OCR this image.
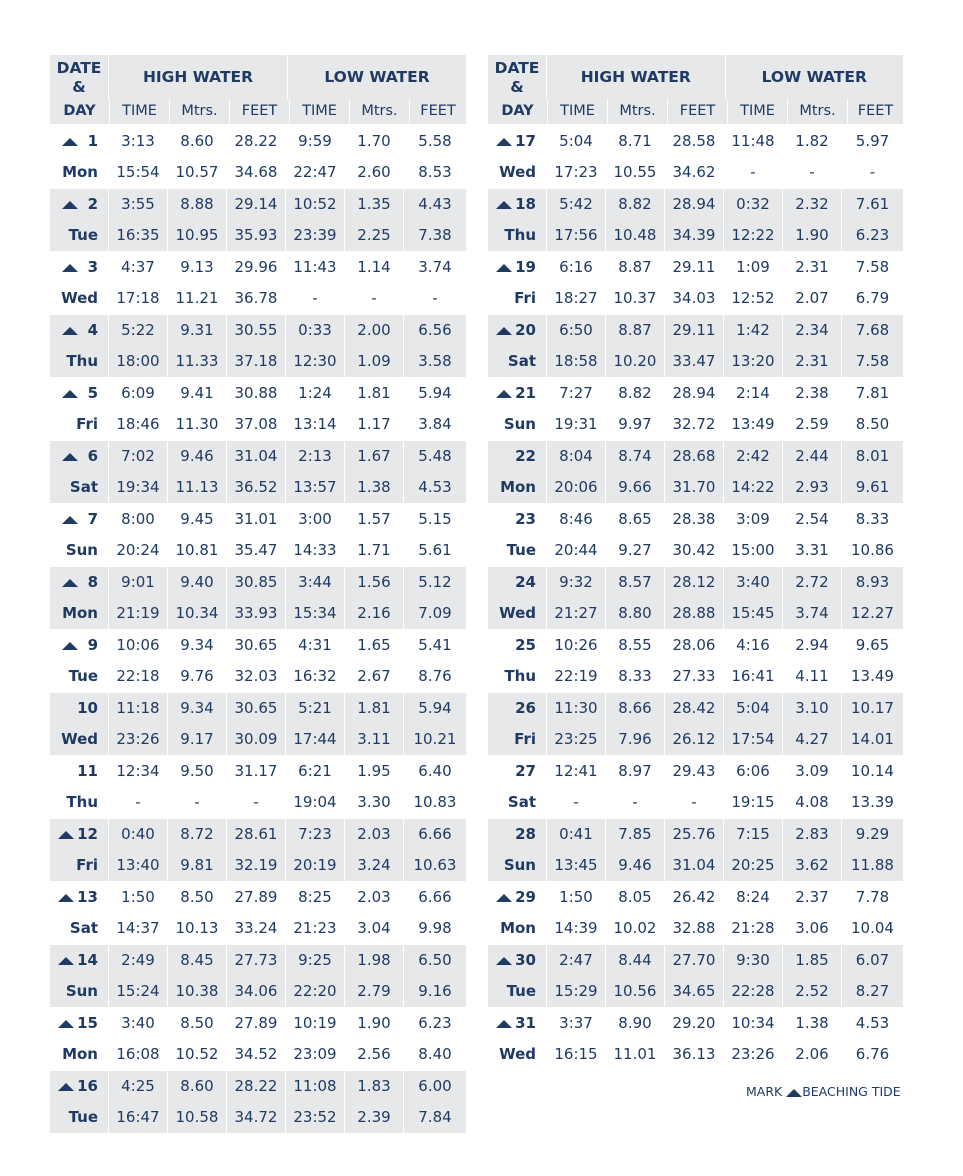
DATE
&
HIGH WATER	LOW WATER
DAY	TIME	Mtrs.	FEET	TIME	Mtrs.	FEET
1	3:13	8.60	28.22	9:59	1.70	5.58
Mon	15:54	10.57	34.68	22:47	2.60	8.53
2	3:55	8.88	29.14	10:52	1.35	4.43
Tue	16:35	10.95	35.93	23:39	2.25	7.38
3	4:37	9.13	29.96	11:43	1.14	3.74
Wed	17:18	11.21	36.78	-	-	-
4	5:22	9.31	30.55	0:33	2.00	6.56
Thu	18:00	11.33	37.18	12:30	1.09	3.58
5	6:09	9.41	30.88	1:24	1.81	5.94
Fri	18:46	11.30	37.08	13:14	1.17	3.84
6	7:02	9.46	31.04	2:13	1.67	5.48
Sat	19:34	11.13	36.52	13:57	1.38	4.53
7	8:00	9.45	31.01	3:00	1.57	5.15
Sun	20:24	10.81	35.47	14:33	1.71	5.61
8	9:01	9.40	30.85	3:44	1.56	5.12
Mon	21:19	10.34	33.93	15:34	2.16	7.09
9	10:06	9.34	30.65	4:31	1.65	5.41
Tue	22:18	9.76	32.03	16:32	2.67	8.76
10	11:18	9.34	30.65	5:21	1.81	5.94
Wed	23:26	9.17	30.09	17:44	3.11	10.21
11	12:34	9.50	31.17	6:21	1.95	6.40
Thu	-	-	-	19:04	3.30	10.83
12	0:40	8.72	28.61	7:23	2.03	6.66
Fri	13:40	9.81	32.19	20:19	3.24	10.63
13	1:50	8.50	27.89	8:25	2.03	6.66
Sat	14:37	10.13	33.24	21:23	3.04	9.98
14	2:49	8.45	27.73	9:25	1.98	6.50
Sun	15:24	10.38	34.06	22:20	2.79	9.16
15	3:40	8.50	27.89	10:19	1.90	6.23
Mon	16:08	10.52	34.52	23:09	2.56	8.40
16	4:25	8.60	28.22	11:08	1.83	6.00
Tue	16:47	10.58	34.72	23:52	2.39	7.84
DATE
&
HIGH WATER	LOW WATER
DAY	TIME	Mtrs.	FEET	TIME	Mtrs.	FEET
17	5:04	8.71	28.58	11:48	1.82	5.97
Wed	17:23	10.55	34.62	-	-	-
18	5:42	8.82	28.94	0:32	2.32	7.61
Thu	17:56	10.48	34.39	12:22	1.90	6.23
19	6:16	8.87	29.11	1:09	2.31	7.58
Fri	18:27	10.37	34.03	12:52	2.07	6.79
20	6:50	8.87	29.11	1:42	2.34	7.68
Sat	18:58	10.20	33.47	13:20	2.31	7.58
21	7:27	8.82	28.94	2:14	2.38	7.81
Sun	19:31	9.97	32.72	13:49	2.59	8.50
22	8:04	8.74	28.68	2:42	2.44	8.01
Mon	20:06	9.66	31.70	14:22	2.93	9.61
23	8:46	8.65	28.38	3:09	2.54	8.33
Tue	20:44	9.27	30.42	15:00	3.31	10.86
24	9:32	8.57	28.12	3:40	2.72	8.93
Wed	21:27	8.80	28.88	15:45	3.74	12.27
25	10:26	8.55	28.06	4:16	2.94	9.65
Thu	22:19	8.33	27.33	16:41	4.11	13.49
26	11:30	8.66	28.42	5:04	3.10	10.17
Fri	23:25	7.96	26.12	17:54	4.27	14.01
27	12:41	8.97	29.43	6:06	3.09	10.14
Sat	-	-	-	19:15	4.08	13.39
28	0:41	7.85	25.76	7:15	2.83	9.29
Sun	13:45	9.46	31.04	20:25	3.62	11.88
29	1:50	8.05	26.42	8:24	2.37	7.78
Mon	14:39	10.02	32.88	21:28	3.06	10.04
30	2:47	8.44	27.70	9:30	1.85	6.07
Tue	15:29	10.56	34.65	22:28	2.52	8.27
31	3:37	8.90	29.20	10:34	1.38	4.53
Wed	16:15	11.01	36.13	23:26	2.06	6.76
MARK BEACHING TIDE
